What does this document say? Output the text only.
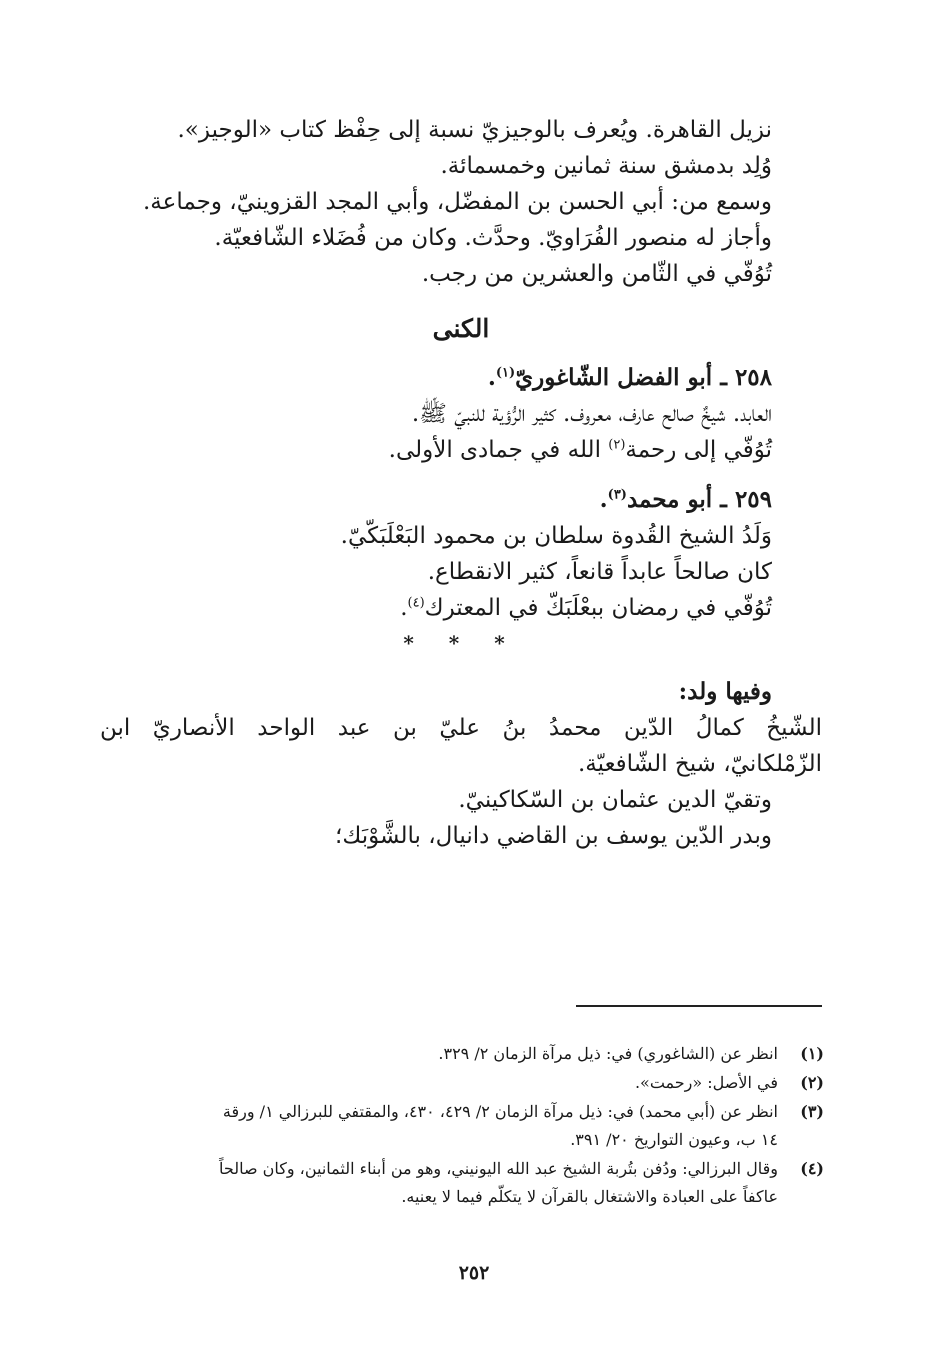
نزيل القاهرة. ويُعرف بالوجيزيّ نسبة إلى حِفْظ كتاب «الوجيز».
وُلِد بدمشق سنة ثمانين وخمسمائة.
وسمع من: أبي الحسن بن المفضّل، وأبي المجد القزوينيّ، وجماعة.
وأجاز له منصور الفُرَاويّ. وحدَّث. وكان من فُضَلاء الشّافعيّة.
تُوُفّي في الثّامن والعشرين من رجب.
الكنى
٢٥٨ ـ أبو الفضل الشّاغوريّ$^{(١)}$.
العابد. شيخٌ صالح عارف، معروف. كثير الرُّؤية للنبيّ ﷺ.
تُوُفّي إلى رحمة$^{(٢)}$ الله في جمادى الأولى.
٢٥٩ ـ أبو محمد$^{(٣)}$.
وَلَدُ الشيخ القُدوة سلطان بن محمود البَعْلَبَكّيّ.
كان صالحاً عابداً قانعاً، كثير الانقطاع.
تُوُفّي في رمضان ببعْلَبَكّ في المعترك$^{(٤)}$.
* * *
وفيها ولد:
الشّيخُ كمالُ الدّين محمدُ بنُ عليّ بن عبد الواحد الأنصاريّ ابن
الزّمْلكانيّ، شيخ الشّافعيّة.
وتقيّ الدين عثمان بن السّكاكينيّ.
وبدر الدّين يوسف بن القاضي دانيال، بالشَّوْبَك؛
(١)
انظر عن (الشاغوري) في: ذيل مرآة الزمان ٢/ ٣٢٩.
(٢)
في الأصل: «رحمت».
(٣)
انظر عن (أبي محمد) في: ذيل مرآة الزمان ٢/ ٤٢٩، ٤٣٠، والمقتفي للبرزالي ١/ ورقة
١٤ ب، وعيون التواريخ ٢٠/ ٣٩١.
(٤)
وقال البرزالي: ودُفن بتُربة الشيخ عبد الله اليونيني، وهو من أبناء الثمانين، وكان صالحاً
عاكفاً على العبادة والاشتغال بالقرآن لا يتكلّم فيما لا يعنيه.
٢٥٢
